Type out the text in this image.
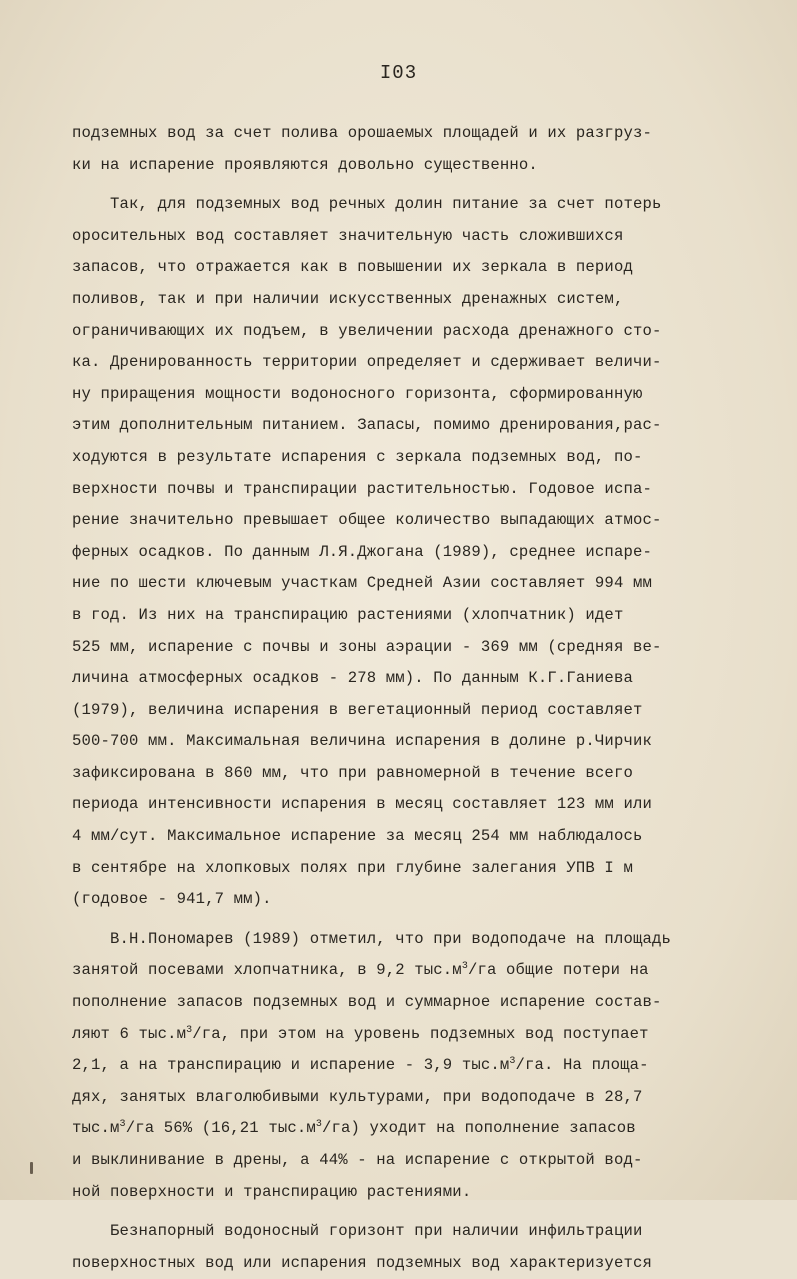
I03
подземных вод за счет полива орошаемых площадей и их разгруз-
ки на испарение проявляются довольно существенно.
Так, для подземных вод речных долин питание за счет потерь
оросительных вод составляет значительную часть сложившихся
запасов, что отражается как в повышении их зеркала в период
поливов, так и при наличии искусственных дренажных систем,
ограничивающих их подъем, в увеличении расхода дренажного сто-
ка. Дренированность территории определяет и сдерживает величи-
ну приращения мощности водоносного горизонта, сформированную
этим дополнительным питанием. Запасы, помимо дренирования,рас-
ходуются в результате испарения с зеркала подземных вод, по-
верхности почвы и транспирации растительностью. Годовое испа-
рение значительно превышает общее количество выпадающих атмос-
ферных осадков. По данным Л.Я.Джогана (1989), среднее испаре-
ние по шести ключевым участкам Средней Азии составляет 994 мм
в год. Из них на транспирацию растениями (хлопчатник) идет
525 мм, испарение с почвы и зоны аэрации - 369 мм (средняя ве-
личина атмосферных осадков - 278 мм). По данным К.Г.Ганиева
(1979), величина испарения в вегетационный период составляет
500-700 мм. Максимальная величина испарения в долине р.Чирчик
зафиксирована в 860 мм, что при равномерной в течение всего
периода интенсивности испарения в месяц составляет 123 мм или
4 мм/сут. Максимальное испарение за месяц 254 мм наблюдалось
в сентябре на хлопковых полях при глубине залегания УПВ I м
(годовое - 941,7 мм).
В.Н.Пономарев (1989) отметил, что при водоподаче на площадь
занятой посевами хлопчатника, в 9,2 $тыс.м^3/га$ общие потери на
пополнение запасов подземных вод и суммарное испарение состав-
ляют 6 $тыс.м^3/га$, при этом на уровень подземных вод поступает
2,1, а на транспирацию и испарение - 3,9 $тыс.м^3/га$. На площа-
дях, занятых влаголюбивыми культурами, при водоподаче в 28,7
$тыс.м^3/га$ 56% (16,21 $тыс.м^3/га$) уходит на пополнение запасов
и выклинивание в дрены, а 44% - на испарение с открытой вод-
ной поверхности и транспирацию растениями.
Безнапорный водоносный горизонт при наличии инфильтрации
поверхностных вод или испарения подземных вод характеризуется
